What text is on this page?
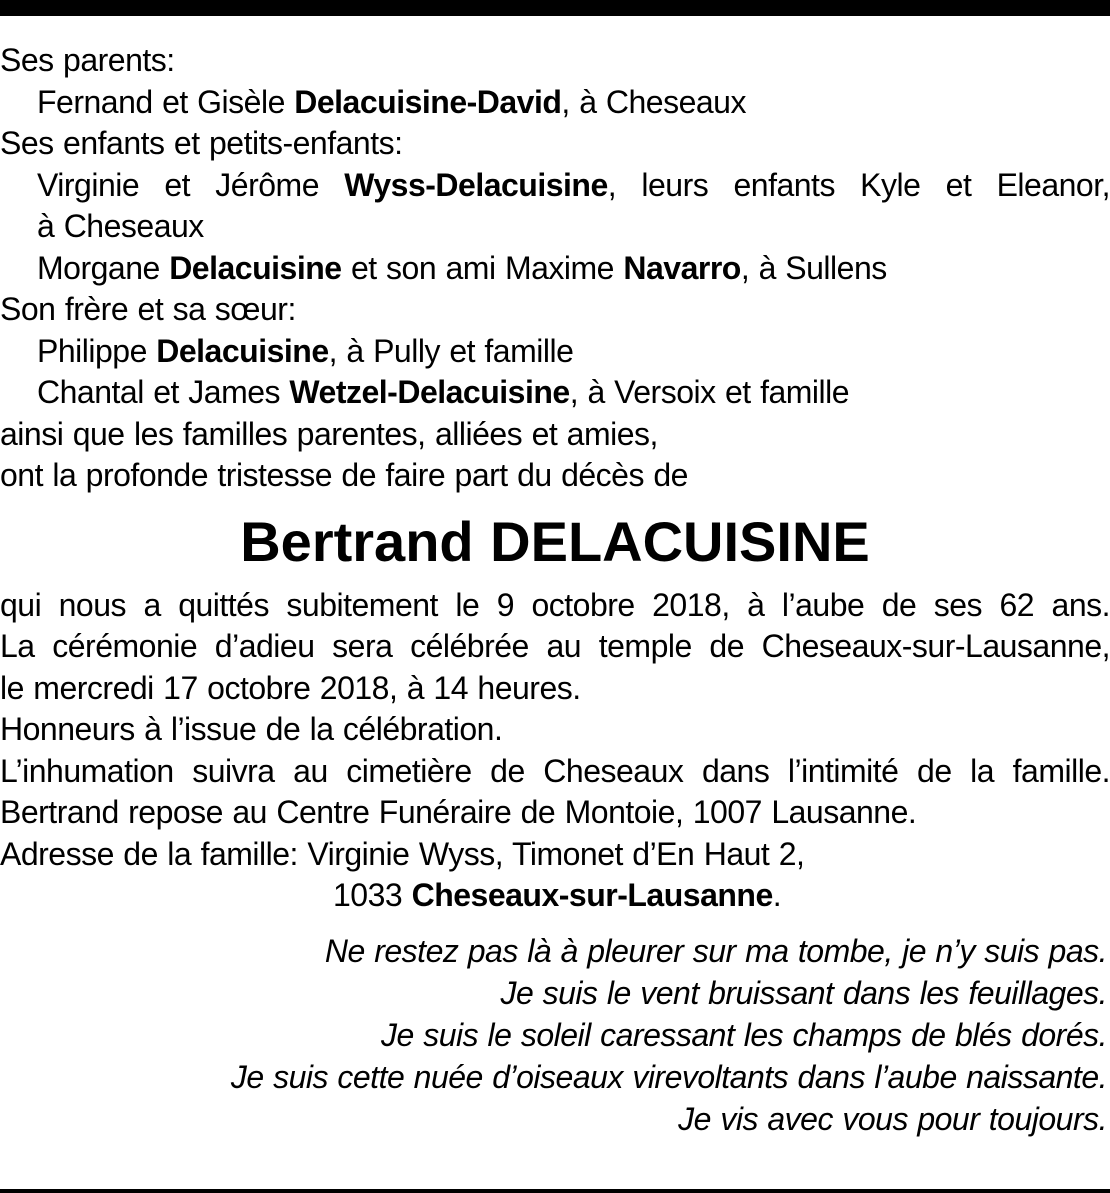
Ses parents:
Fernand et Gisèle Delacuisine-David, à Cheseaux
Ses enfants et petits-enfants:
Virginie et Jérôme Wyss-Delacuisine, leurs enfants Kyle et Eleanor,
à Cheseaux
Morgane Delacuisine et son ami Maxime Navarro, à Sullens
Son frère et sa sœur:
Philippe Delacuisine, à Pully et famille
Chantal et James Wetzel-Delacuisine, à Versoix et famille
ainsi que les familles parentes, alliées et amies,
ont la profonde tristesse de faire part du décès de
Bertrand DELACUISINE
qui nous a quittés subitement le 9 octobre 2018, à l’aube de ses 62 ans.
La cérémonie d’adieu sera célébrée au temple de Cheseaux-sur-Lausanne,
le mercredi 17 octobre 2018, à 14 heures.
Honneurs à l’issue de la célébration.
L’inhumation suivra au cimetière de Cheseaux dans l’intimité de la famille.
Bertrand repose au Centre Funéraire de Montoie, 1007 Lausanne.
Adresse de la famille: Virginie Wyss, Timonet d’En Haut 2,
1033 Cheseaux-sur-Lausanne.
Ne restez pas là à pleurer sur ma tombe, je n’y suis pas.
Je suis le vent bruissant dans les feuillages.
Je suis le soleil caressant les champs de blés dorés.
Je suis cette nuée d’oiseaux virevoltants dans l’aube naissante.
Je vis avec vous pour toujours.
